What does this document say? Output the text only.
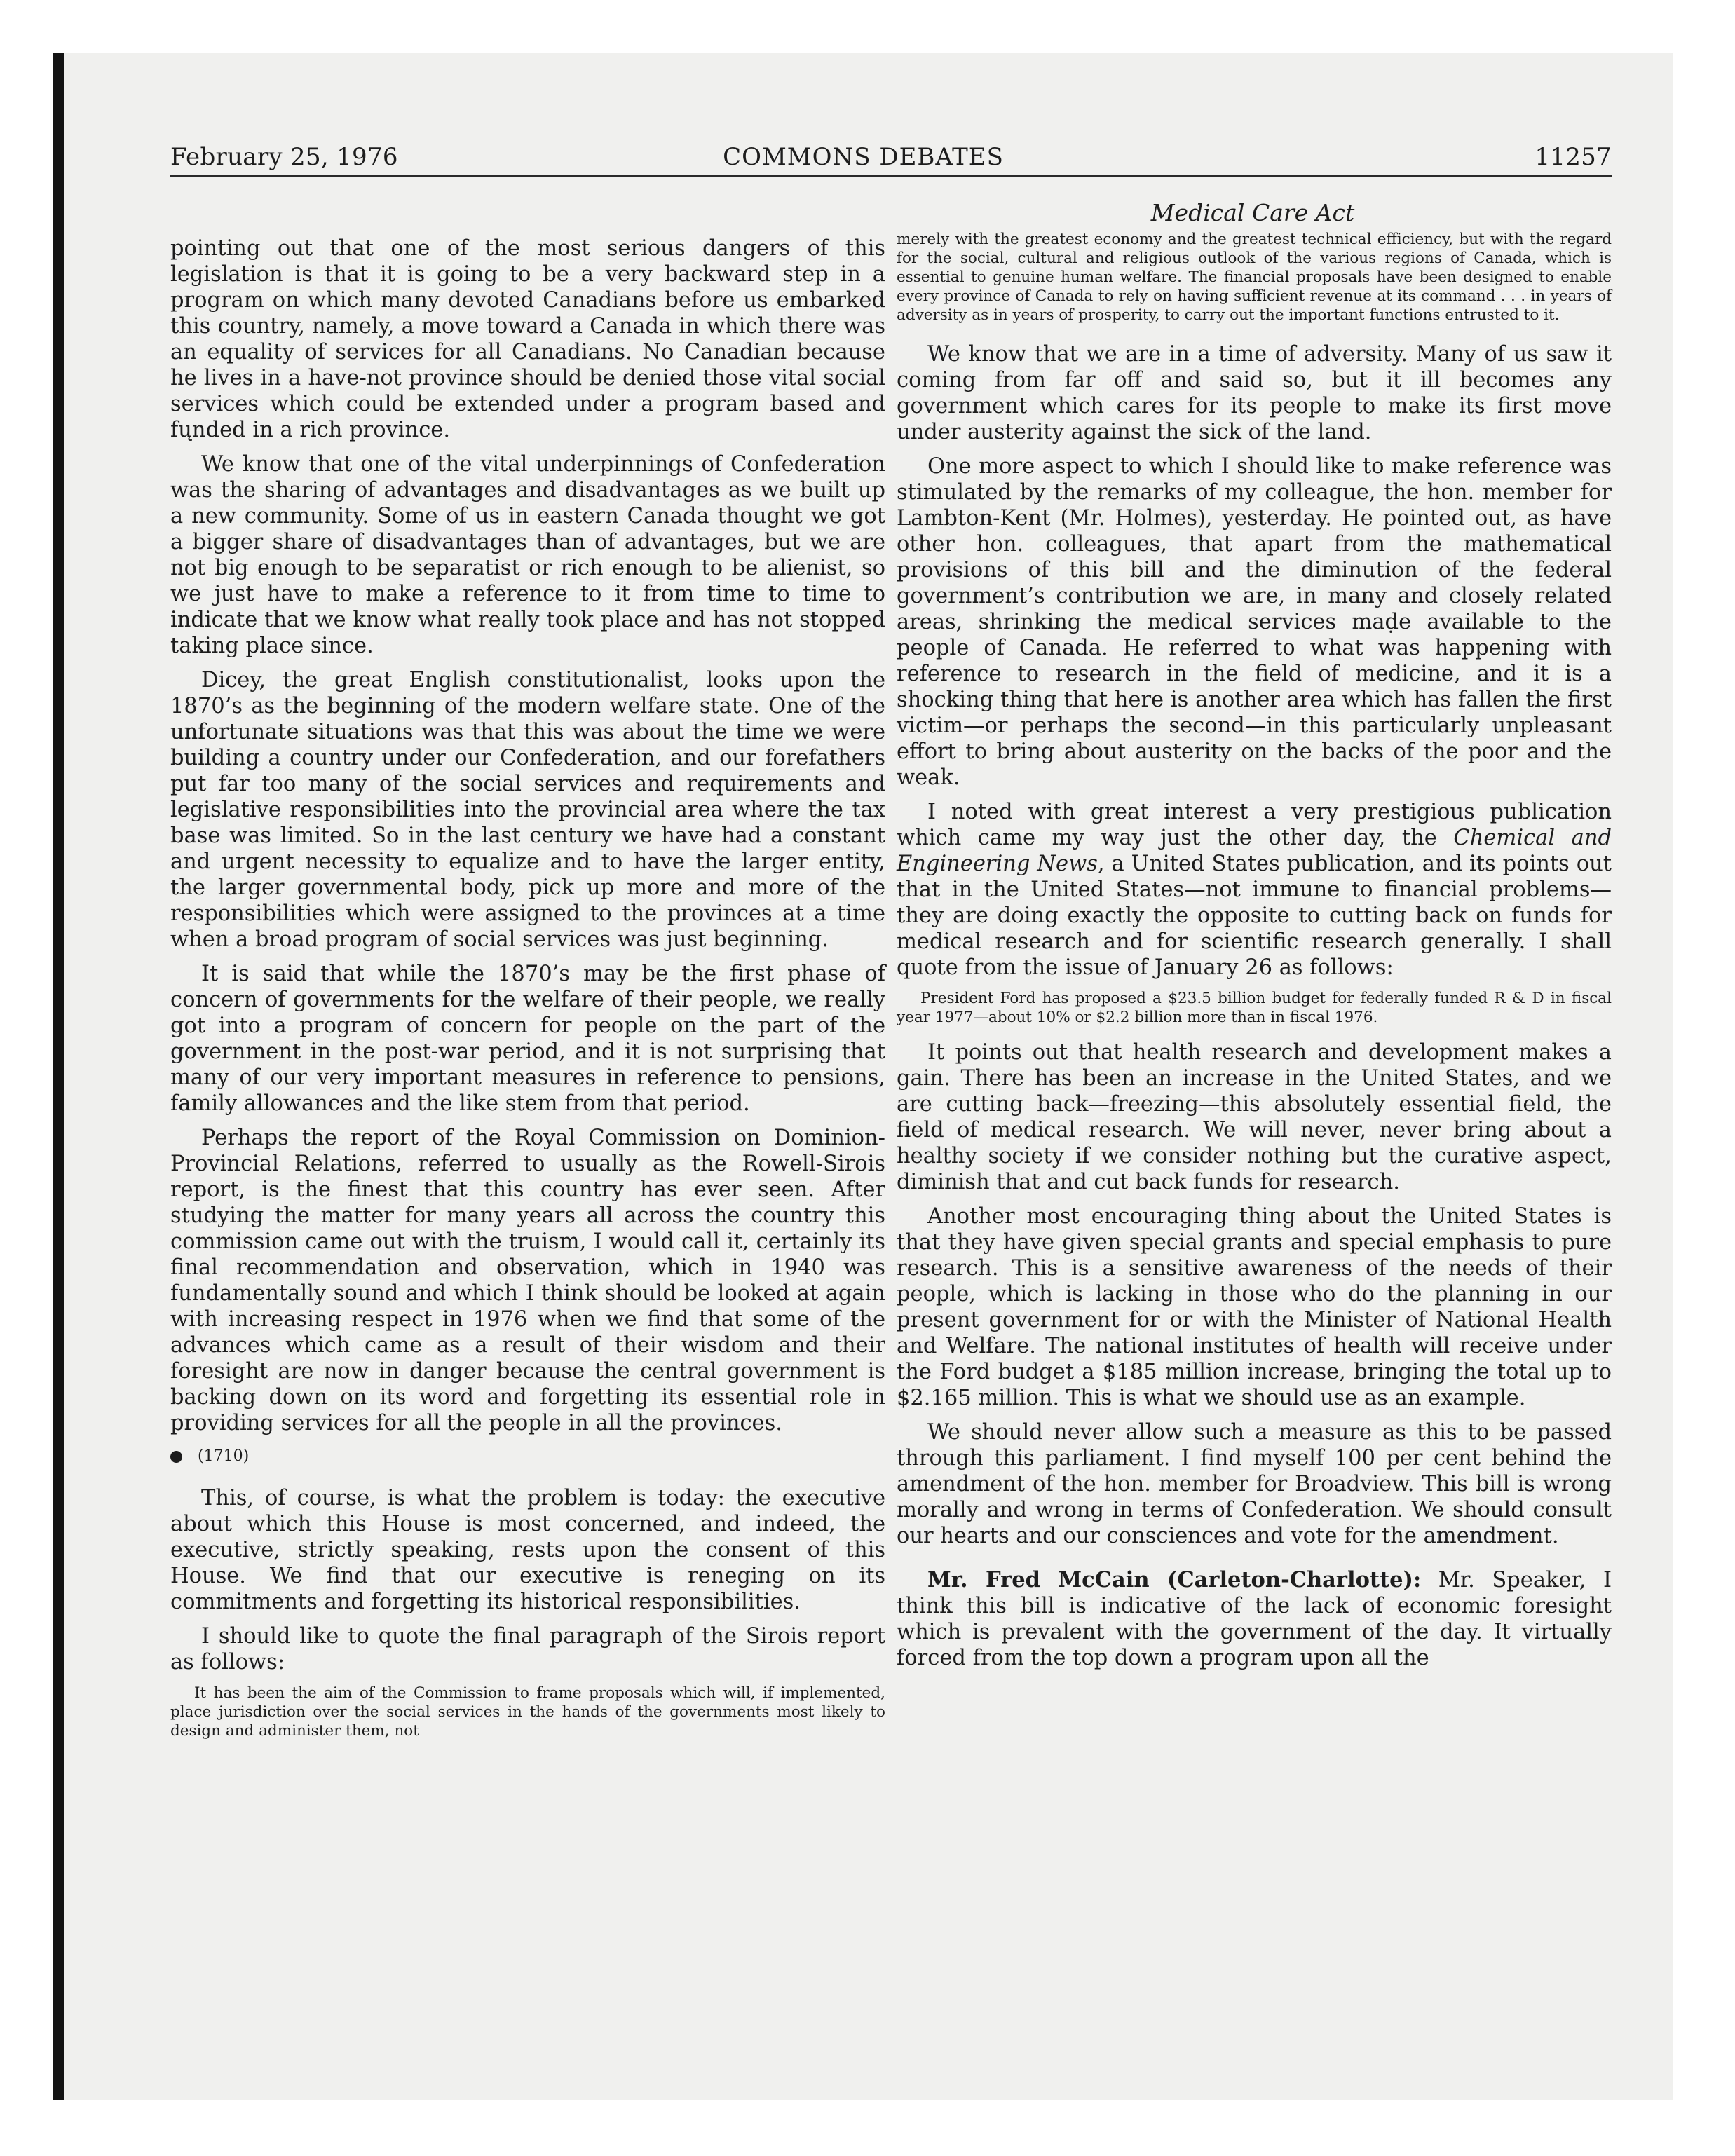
February 25, 1976	COMMONS DEBATES	11257
Medical Care Act

pointing out that one of the most serious dangers of this legislation is that it is going to be a very backward step in a program on which many devoted Canadians before us embarked this country, namely, a move toward a Canada in which there was an equality of services for all Canadians. No Canadian because he lives in a have-not province should be denied those vital social services which could be extended under a program based and fųnded in a rich province.

We know that one of the vital underpinnings of Confederation was the sharing of advantages and disadvantages as we built up a new community. Some of us in eastern Canada thought we got a bigger share of disadvantages than of advantages, but we are not big enough to be separatist or rich enough to be alienist, so we just have to make a reference to it from time to time to indicate that we know what really took place and has not stopped taking place since.

Dicey, the great English constitutionalist, looks upon the 1870’s as the beginning of the modern welfare state. One of the unfortunate situations was that this was about the time we were building a country under our Confederation, and our forefathers put far too many of the social services and requirements and legislative responsibilities into the provincial area where the tax base was limited. So in the last century we have had a constant and urgent necessity to equalize and to have the larger entity, the larger governmental body, pick up more and more of the responsibilities which were assigned to the provinces at a time when a broad program of social services was just beginning.

It is said that while the 1870’s may be the first phase of concern of governments for the welfare of their people, we really got into a program of concern for people on the part of the government in the post-war period, and it is not surprising that many of our very important measures in reference to pensions, family allowances and the like stem from that period.

Perhaps the report of the Royal Commission on Dominion-Provincial Relations, referred to usually as the Rowell-Sirois report, is the finest that this country has ever seen. After studying the matter for many years all across the country this commission came out with the truism, I would call it, certainly its final recommendation and observation, which in 1940 was fundamentally sound and which I think should be looked at again with increasing respect in 1976 when we find that some of the advances which came as a result of their wisdom and their foresight are now in danger because the central government is backing down on its word and forgetting its essential role in providing services for all the people in all the provinces.

(1710)

This, of course, is what the problem is today: the executive about which this House is most concerned, and indeed, the executive, strictly speaking, rests upon the consent of this House. We find that our executive is reneging on its commitments and forgetting its historical responsibilities.

I should like to quote the final paragraph of the Sirois report as follows:

It has been the aim of the Commission to frame proposals which will, if implemented, place jurisdiction over the social services in the hands of the governments most likely to design and administer them, not

merely with the greatest economy and the greatest technical efficiency, but with the regard for the social, cultural and religious outlook of the various regions of Canada, which is essential to genuine human welfare. The financial proposals have been designed to enable every province of Canada to rely on having sufficient revenue at its command . . . in years of adversity as in years of prosperity, to carry out the important functions entrusted to it.

We know that we are in a time of adversity. Many of us saw it coming from far off and said so, but it ill becomes any government which cares for its people to make its first move under austerity against the sick of the land.

One more aspect to which I should like to make reference was stimulated by the remarks of my colleague, the hon. member for Lambton-Kent (Mr. Holmes), yesterday. He pointed out, as have other hon. colleagues, that apart from the mathematical provisions of this bill and the diminution of the federal government’s contribution we are, in many and closely related areas, shrinking the medical services maḍe available to the people of Canada. He referred to what was happening with reference to research in the field of medicine, and it is a shocking thing that here is another area which has fallen the first victim—or perhaps the second—in this particularly unpleasant effort to bring about austerity on the backs of the poor and the weak.

I noted with great interest a very prestigious publication which came my way just the other day, the Chemical and Engineering News, a United States publication, and its points out that in the United States—not immune to financial problems—they are doing exactly the opposite to cutting back on funds for medical research and for scientific research generally. I shall quote from the issue of January 26 as follows:

President Ford has proposed a $23.5 billion budget for federally funded R & D in fiscal year 1977—about 10% or $2.2 billion more than in fiscal 1976.

It points out that health research and development makes a gain. There has been an increase in the United States, and we are cutting back—freezing—this absolutely essential field, the field of medical research. We will never, never bring about a healthy society if we consider nothing but the curative aspect, diminish that and cut back funds for research.

Another most encouraging thing about the United States is that they have given special grants and special emphasis to pure research. This is a sensitive awareness of the needs of their people, which is lacking in those who do the planning in our present government for or with the Minister of National Health and Welfare. The national institutes of health will receive under the Ford budget a $185 million increase, bringing the total up to $2.165 million. This is what we should use as an example.

We should never allow such a measure as this to be passed through this parliament. I find myself 100 per cent behind the amendment of the hon. member for Broadview. This bill is wrong morally and wrong in terms of Confederation. We should consult our hearts and our consciences and vote for the amendment.

Mr. Fred McCain (Carleton-Charlotte): Mr. Speaker, I think this bill is indicative of the lack of economic foresight which is prevalent with the government of the day. It virtually forced from the top down a program upon all the
